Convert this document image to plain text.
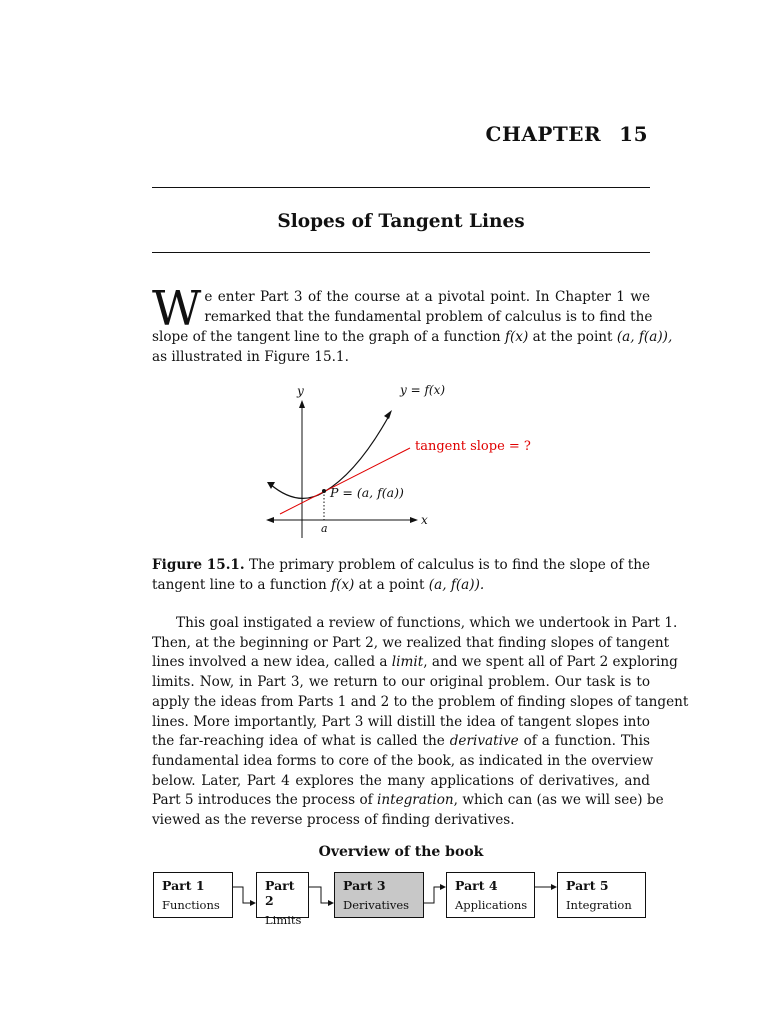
CHAPTER 15
Slopes of Tangent Lines
W e enter Part 3 of the course at a pivotal point. In Chapter 1 we
remarked that the fundamental problem of calculus is to find the
slope of the tangent line to the graph of a function f(x) at the point (a, f(a)),
as illustrated in Figure 15.1.
y
x
y = f(x)
tangent slope = ?
P = (a, f(a))
a
Figure 15.1. The primary problem of calculus is to find the slope of the
tangent line to a function f(x) at a point (a, f(a)).
This goal instigated a review of functions, which we undertook in Part 1.
Then, at the beginning or Part 2, we realized that finding slopes of tangent
lines involved a new idea, called a limit, and we spent all of Part 2 exploring
limits. Now, in Part 3, we return to our original problem. Our task is to
apply the ideas from Parts 1 and 2 to the problem of finding slopes of tangent
lines. More importantly, Part 3 will distill the idea of tangent slopes into
the far-reaching idea of what is called the derivative of a function. This
fundamental idea forms to core of the book, as indicated in the overview
below. Later, Part 4 explores the many applications of derivatives, and
Part 5 introduces the process of integration, which can (as we will see) be
viewed as the reverse process of finding derivatives.
Overview of the book
Part 1
Functions
Part 2
Limits
Part 3
Derivatives
Part 4
Applications
Part 5
Integration
